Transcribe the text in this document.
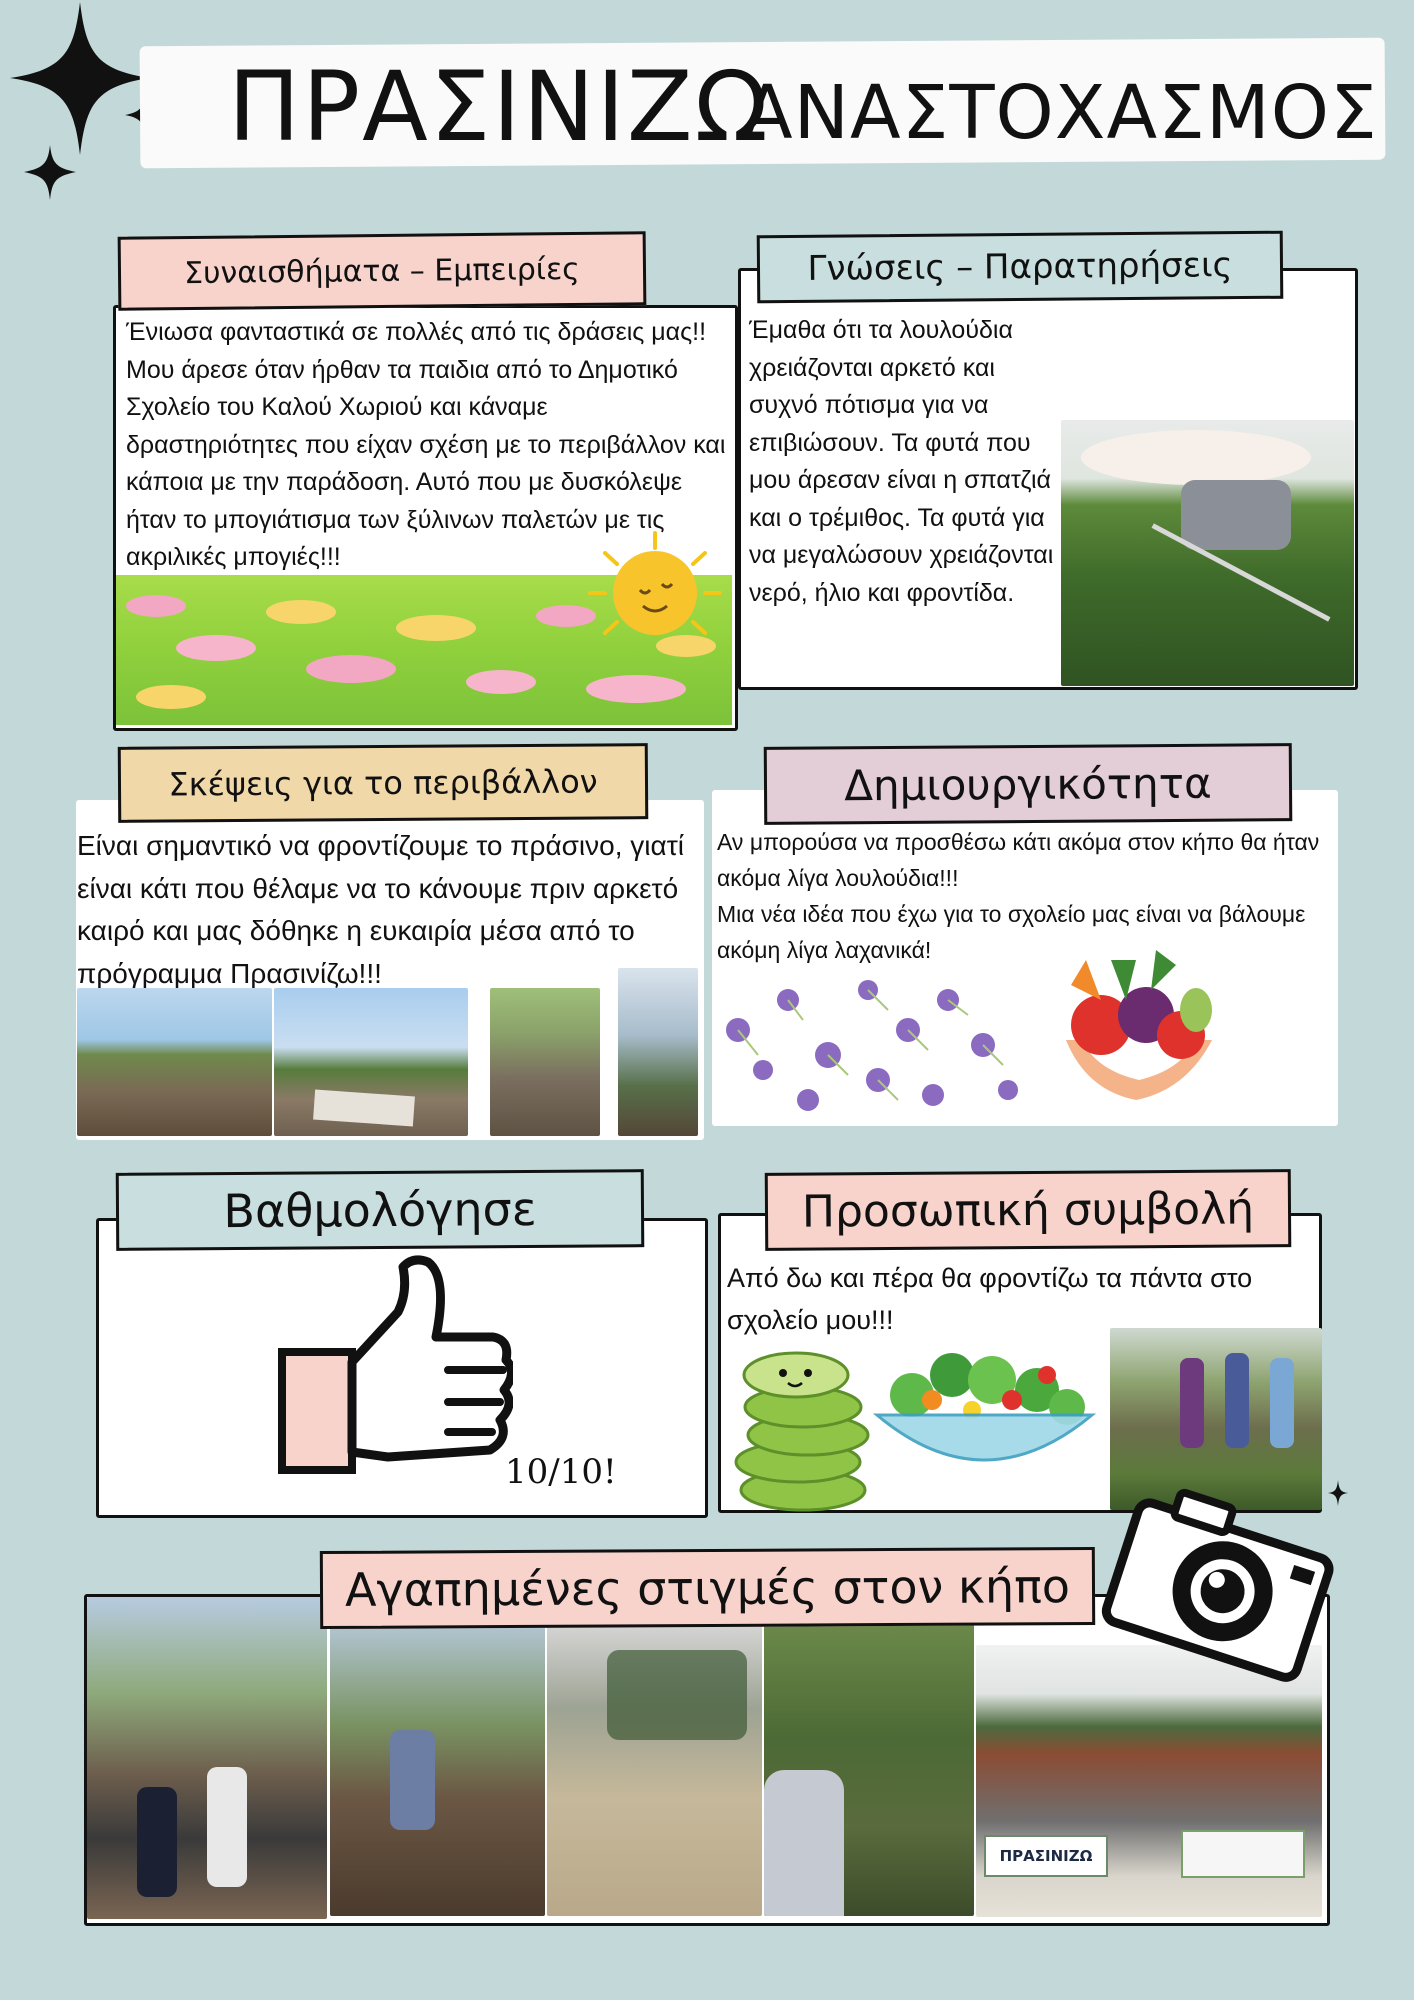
ΠΡΑΣΙΝΙΖΩ
ΑΝΑΣΤΟΧΑΣΜΟΣ
Συναισθήματα – Εμπειρίες
Ένιωσα φανταστικά σε πολλές από τις δράσεις μας!! Μου άρεσε όταν ήρθαν τα παιδια από το Δημοτικό Σχολείο του Καλού Χωριού και κάναμε δραστηριότητες που είχαν σχέση με το περιβάλλον και κάποια με την παράδοση. Αυτό που με δυσκόλεψε ήταν το μπογιάτισμα των ξύλινων παλετών με τις ακριλικές μπογιές!!!
Γνώσεις – Παρατηρήσεις
Έμαθα ότι τα λουλούδια χρειάζονται αρκετό και συχνό πότισμα για να επιβιώσουν. Τα φυτά που μου άρεσαν είναι η σπατζιά και ο τρέμιθος. Τα φυτά για να μεγαλώσουν χρειάζονται νερό, ήλιο και φροντίδα.
Σκέψεις για το περιβάλλον
Είναι σημαντικό να φροντίζουμε το πράσινο, γιατί είναι κάτι που θέλαμε να το κάνουμε πριν αρκετό καιρό και μας δόθηκε η ευκαιρία μέσα από το πρόγραμμα Πρασινίζω!!!
Δημιουργικότητα
Αν μπορούσα να προσθέσω κάτι ακόμα στον κήπο θα ήταν ακόμα λίγα λουλούδια!!!
Μια νέα ιδέα που έχω για το σχολείο μας είναι να βάλουμε ακόμη λίγα λαχανικά!
Βαθμολόγησε
10/10!
Προσωπική συμβολή
Από δω και πέρα θα φροντίζω τα πάντα στο σχολείο μου!!!
ΠΡΑΣΙΝΙΖΩ
Αγαπημένες στιγμές στον κήπο
